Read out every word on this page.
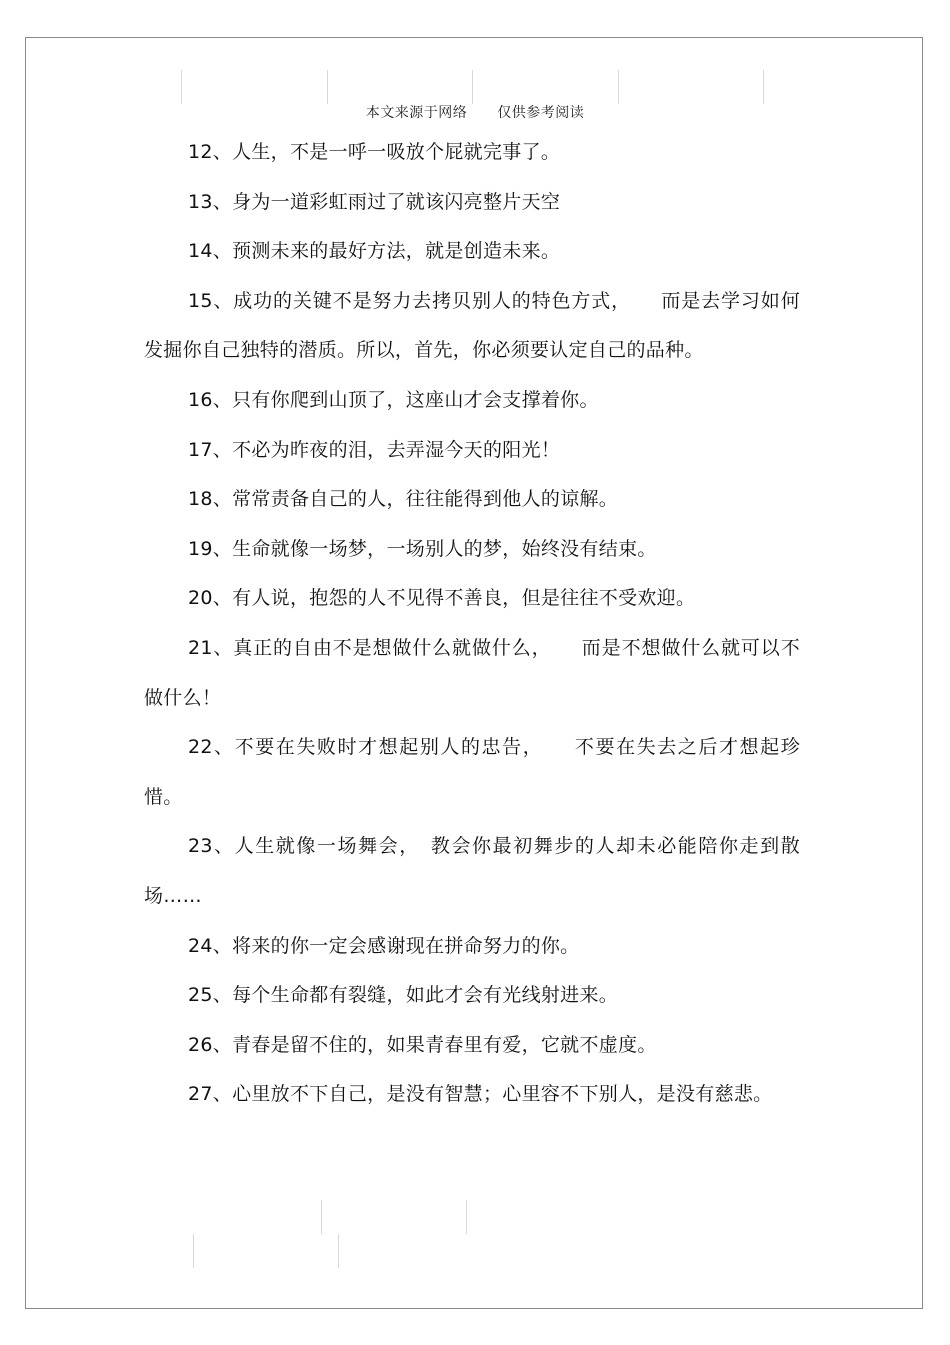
本文来源于网络 仅供参考阅读

12、人生，不是一呼一吸放个屁就完事了。

13、身为一道彩虹雨过了就该闪亮整片天空

14、预测未来的最好方法，就是创造未来。

15、成功的关键不是努力去拷贝别人的特色方式，　　而是去学习如何发掘你自己独特的潜质。所以，首先，你必须要认定自己的品种。

16、只有你爬到山顶了，这座山才会支撑着你。

17、不必为昨夜的泪，去弄湿今天的阳光！

18、常常责备自己的人，往往能得到他人的谅解。

19、生命就像一场梦，一场别人的梦，始终没有结束。

20、有人说，抱怨的人不见得不善良，但是往往不受欢迎。

21、真正的自由不是想做什么就做什么，　　而是不想做什么就可以不做什么！

22、不要在失败时才想起别人的忠告，　　不要在失去之后才想起珍惜。

23、人生就像一场舞会，　教会你最初舞步的人却未必能陪你走到散场……

24、将来的你一定会感谢现在拼命努力的你。

25、每个生命都有裂缝，如此才会有光线射进来。

26、青春是留不住的，如果青春里有爱，它就不虚度。

27、心里放不下自己，是没有智慧；心里容不下别人，是没有慈悲。
